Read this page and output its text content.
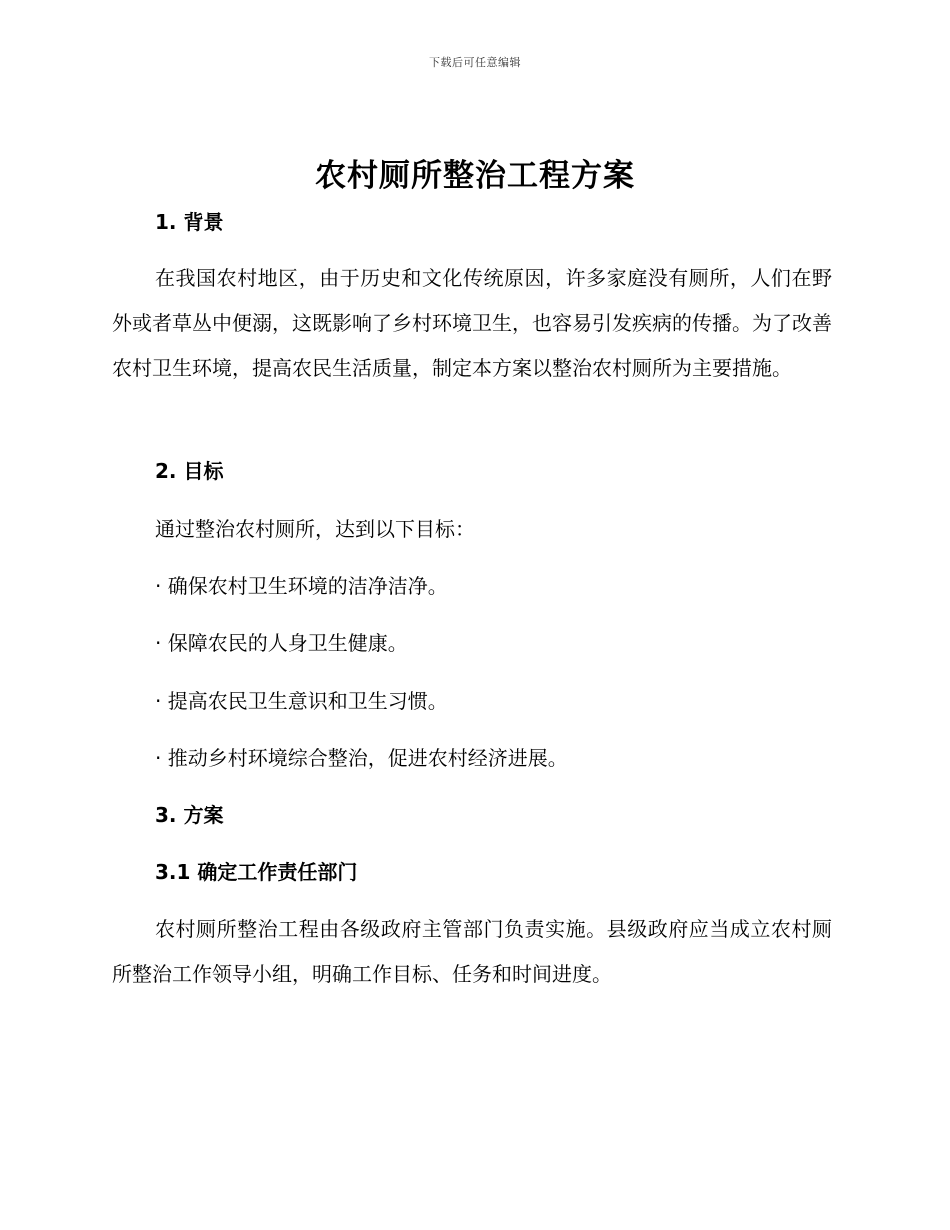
下载后可任意编辑
农村厕所整治工程方案
1. 背景

在我国农村地区，由于历史和文化传统原因，许多家庭没有厕所，人们在野外或者草丛中便溺，这既影响了乡村环境卫生，也容易引发疾病的传播。为了改善农村卫生环境，提高农民生活质量，制定本方案以整治农村厕所为主要措施。

2. 目标
通过整治农村厕所，达到以下目标：
· 确保农村卫生环境的洁净洁净。
· 保障农民的人身卫生健康。
· 提高农民卫生意识和卫生习惯。
· 推动乡村环境综合整治，促进农村经济进展。
3. 方案
3.1 确定工作责任部门

农村厕所整治工程由各级政府主管部门负责实施。县级政府应当成立农村厕所整治工作领导小组，明确工作目标、任务和时间进度。
